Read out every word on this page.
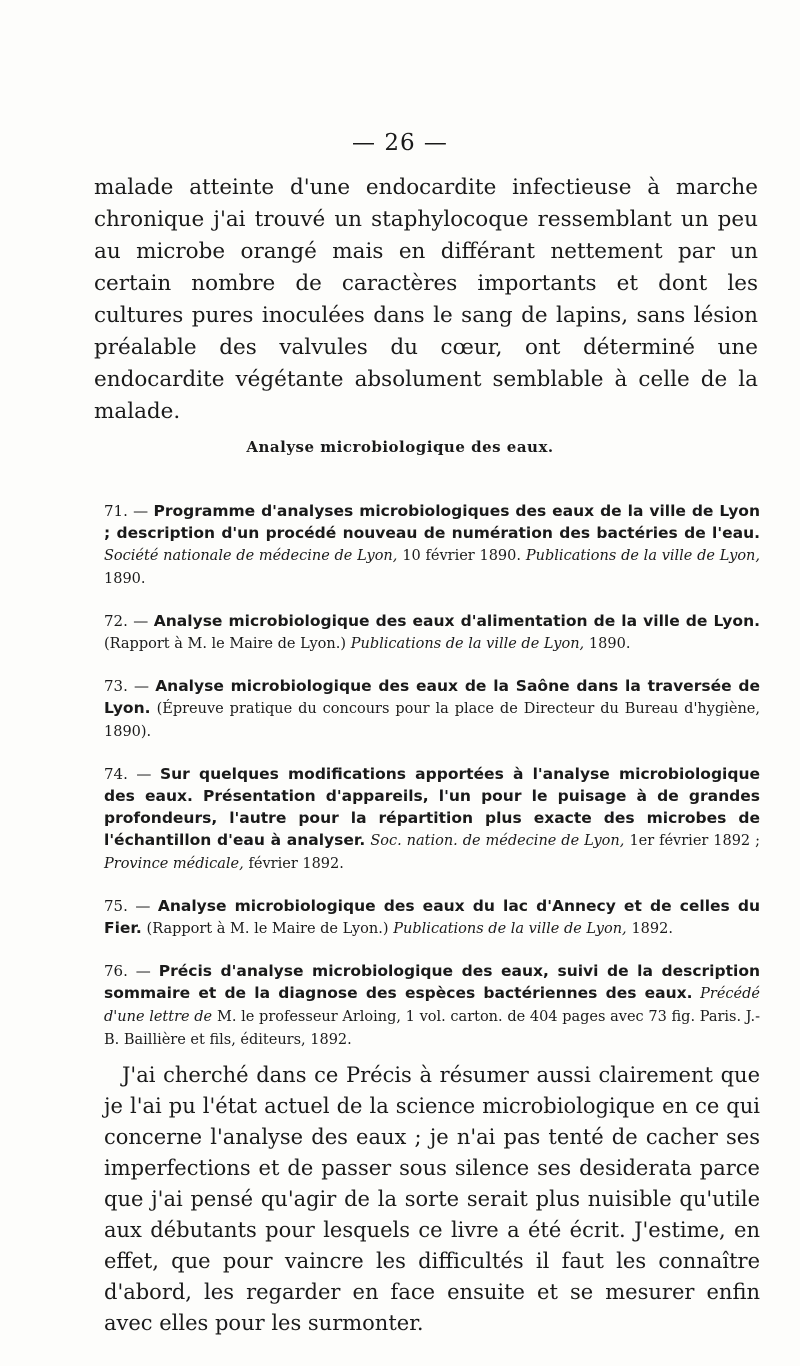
— 26 —

malade atteinte d'une endocardite infectieuse à marche chronique j'ai trouvé un staphylocoque ressemblant un peu au microbe orangé mais en différant nettement par un certain nombre de caractères importants et dont les cultures pures inoculées dans le sang de lapins, sans lésion préalable des valvules du cœur, ont déterminé une endocardite végétante absolument semblable à celle de la malade.

Analyse microbiologique des eaux.
71. — Programme d'analyses microbiologiques des eaux de la ville de Lyon ; description d'un procédé nouveau de numération des bactéries de l'eau. Société nationale de médecine de Lyon, 10 février 1890. Publications de la ville de Lyon, 1890.
72. — Analyse microbiologique des eaux d'alimentation de la ville de Lyon. (Rapport à M. le Maire de Lyon.) Publications de la ville de Lyon, 1890.
73. — Analyse microbiologique des eaux de la Saône dans la traversée de Lyon. (Épreuve pratique du concours pour la place de Directeur du Bureau d'hygiène, 1890).
74. — Sur quelques modifications apportées à l'analyse microbiologique des eaux. Présentation d'appareils, l'un pour le puisage à de grandes profondeurs, l'autre pour la répartition plus exacte des microbes de l'échantillon d'eau à analyser. Soc. nation. de médecine de Lyon, 1er février 1892 ; Province médicale, février 1892.
75. — Analyse microbiologique des eaux du lac d'Annecy et de celles du Fier. (Rapport à M. le Maire de Lyon.) Publications de la ville de Lyon, 1892.
76. — Précis d'analyse microbiologique des eaux, suivi de la description sommaire et de la diagnose des espèces bactériennes des eaux. Précédé d'une lettre de M. le professeur Arloing, 1 vol. carton. de 404 pages avec 73 fig. Paris. J.-B. Baillière et fils, éditeurs, 1892.

J'ai cherché dans ce Précis à résumer aussi clairement que je l'ai pu l'état actuel de la science microbiologique en ce qui concerne l'analyse des eaux ; je n'ai pas tenté de cacher ses imperfections et de passer sous silence ses desiderata parce que j'ai pensé qu'agir de la sorte serait plus nuisible qu'utile aux débutants pour lesquels ce livre a été écrit. J'estime, en effet, que pour vaincre les difficultés il faut les connaître d'abord, les regarder en face ensuite et se mesurer enfin avec elles pour les surmonter.
